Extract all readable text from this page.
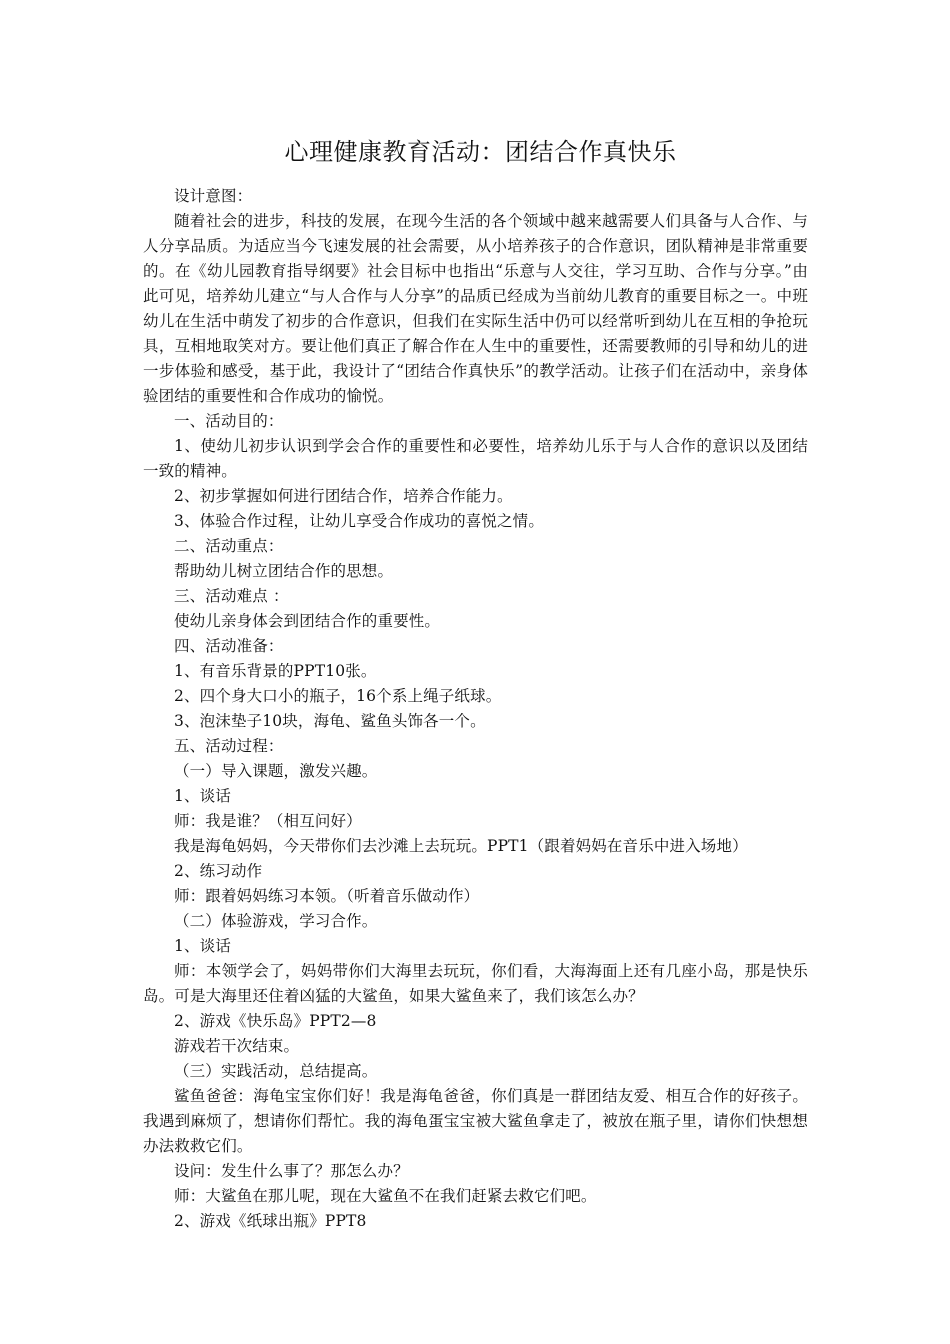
心理健康教育活动：团结合作真快乐

设计意图：

随着社会的进步，科技的发展，在现今生活的各个领域中越来越需要人们具备与人合作、与人分享品质。为适应当今飞速发展的社会需要，从小培养孩子的合作意识，团队精神是非常重要的。在《幼儿园教育指导纲要》社会目标中也指出“乐意与人交往，学习互助、合作与分享。”由此可见，培养幼儿建立“与人合作与人分享”的品质已经成为当前幼儿教育的重要目标之一。中班幼儿在生活中萌发了初步的合作意识，但我们在实际生活中仍可以经常听到幼儿在互相的争抢玩具，互相地取笑对方。要让他们真正了解合作在人生中的重要性，还需要教师的引导和幼儿的进一步体验和感受，基于此，我设计了“团结合作真快乐”的教学活动。让孩子们在活动中，亲身体验团结的重要性和合作成功的愉悦。

一、活动目的：

1、使幼儿初步认识到学会合作的重要性和必要性，培养幼儿乐于与人合作的意识以及团结一致的精神。

2、初步掌握如何进行团结合作，培养合作能力。

3、体验合作过程，让幼儿享受合作成功的喜悦之情。

二、活动重点：

帮助幼儿树立团结合作的思想。

三、活动难点 ：

使幼儿亲身体会到团结合作的重要性。

四、活动准备：

1、有音乐背景的PPT10张。

2、四个身大口小的瓶子，16个系上绳子纸球。

3、泡沫垫子10块，海龟、鲨鱼头饰各一个。

五、活动过程：

（一）导入课题，激发兴趣。

1、谈话

师：我是谁？（相互问好）

我是海龟妈妈，今天带你们去沙滩上去玩玩。PPT1（跟着妈妈在音乐中进入场地）

2、练习动作

师：跟着妈妈练习本领。（听着音乐做动作）

（二）体验游戏，学习合作。

1、谈话

师：本领学会了，妈妈带你们大海里去玩玩，你们看，大海海面上还有几座小岛，那是快乐岛。可是大海里还住着凶猛的大鲨鱼，如果大鲨鱼来了，我们该怎么办？

2、游戏《快乐岛》PPT2—8

游戏若干次结束。

（三）实践活动，总结提高。

鲨鱼爸爸：海龟宝宝你们好！我是海龟爸爸，你们真是一群团结友爱、相互合作的好孩子。我遇到麻烦了，想请你们帮忙。我的海龟蛋宝宝被大鲨鱼拿走了，被放在瓶子里，请你们快想想办法救救它们。

设问：发生什么事了？那怎么办？

师：大鲨鱼在那儿呢，现在大鲨鱼不在我们赶紧去救它们吧。

2、游戏《纸球出瓶》PPT8
